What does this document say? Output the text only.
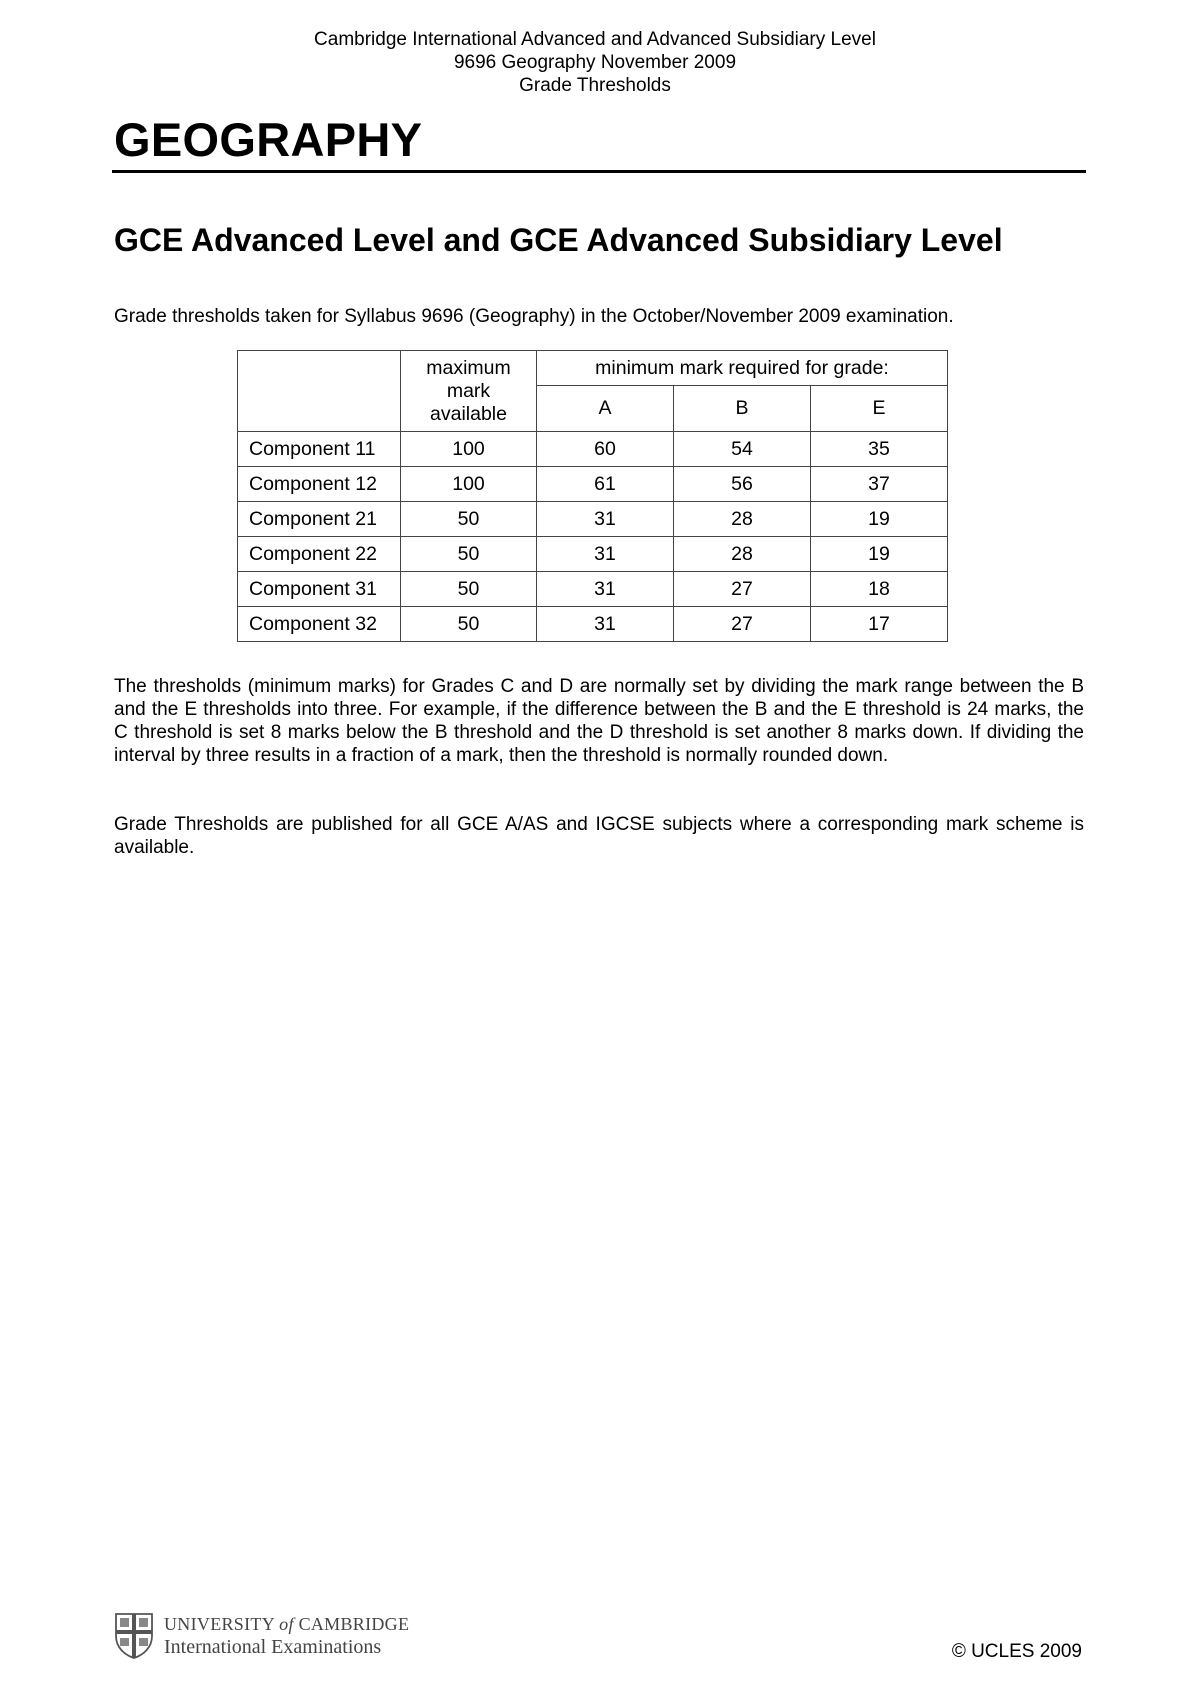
Cambridge International Advanced and Advanced Subsidiary Level
9696 Geography November 2009
Grade Thresholds
GEOGRAPHY
GCE Advanced Level and GCE Advanced Subsidiary Level

Grade thresholds taken for Syllabus 9696 (Geography) in the October/November 2009 examination.

	maximum
mark
available	minimum mark required for grade:		
		A	B	E
Component 11	100	60	54	35
Component 12	100	61	56	37
Component 21	50	31	28	19
Component 22	50	31	28	19
Component 31	50	31	27	18
Component 32	50	31	27	17

The thresholds (minimum marks) for Grades C and D are normally set by dividing the mark range between the B and the E thresholds into three. For example, if the difference between the B and the E threshold is 24 marks, the C threshold is set 8 marks below the B threshold and the D threshold is set another 8 marks down. If dividing the interval by three results in a fraction of a mark, then the threshold is normally rounded down.

Grade Thresholds are published for all GCE A/AS and IGCSE subjects where a corresponding mark scheme is available.

UNIVERSITY of CAMBRIDGE
International Examinations	© UCLES 2009
